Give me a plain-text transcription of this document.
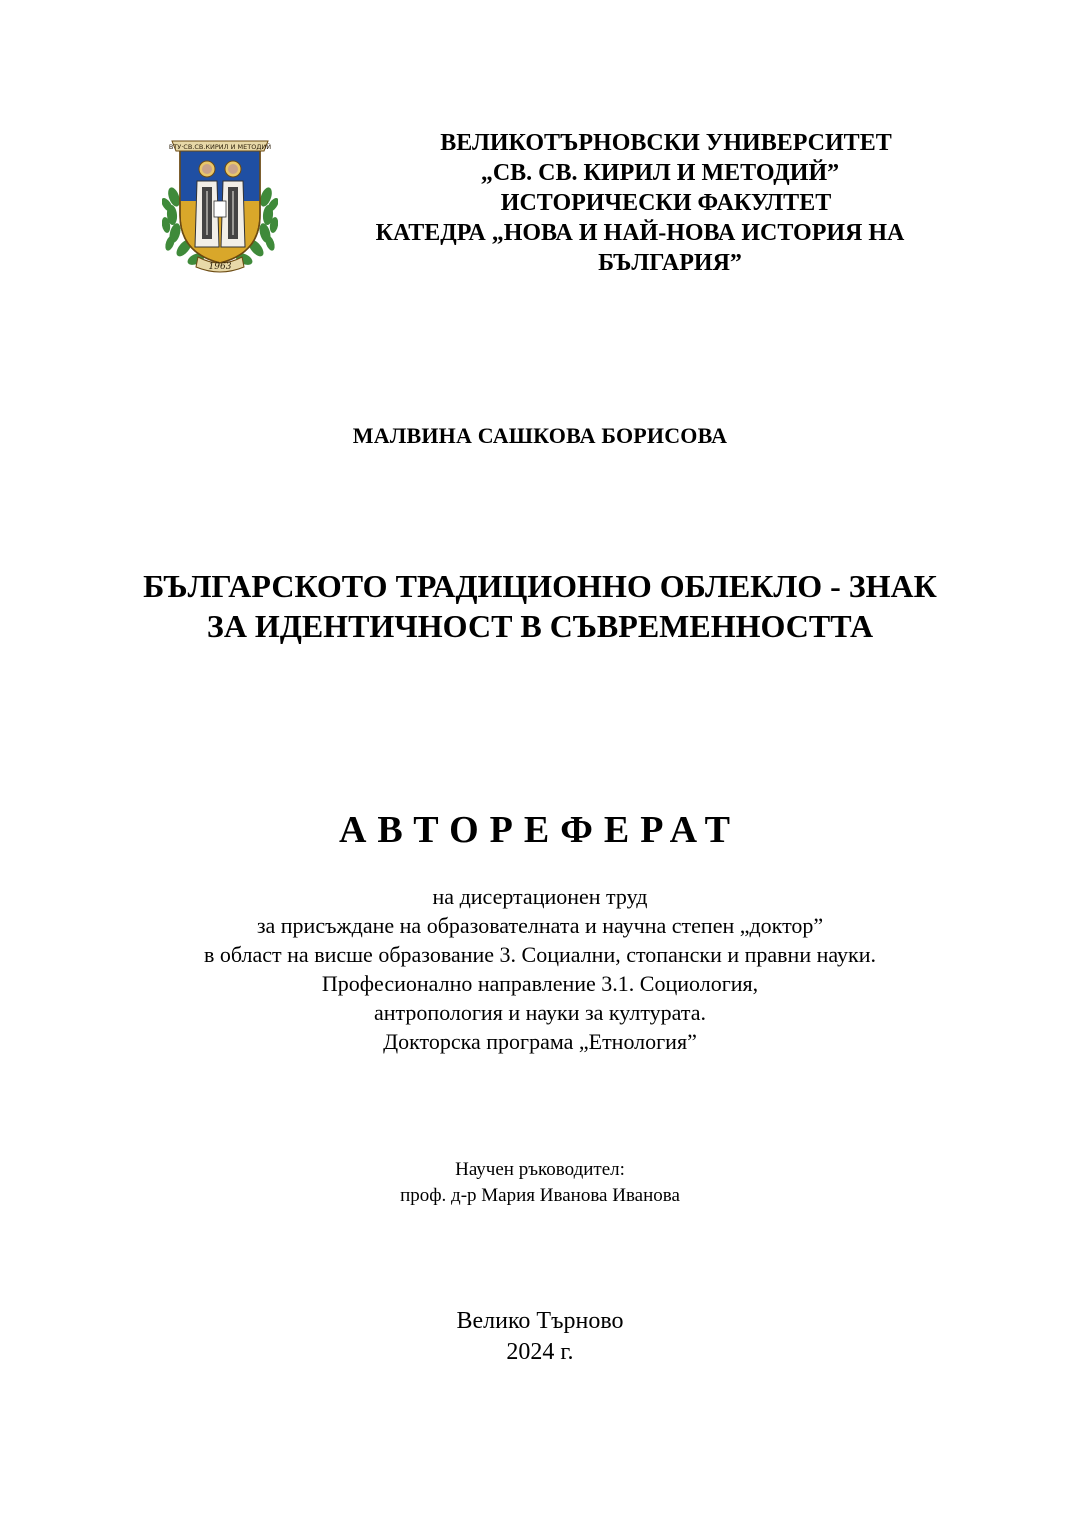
ВТУ·СВ.СВ.КИРИЛ И МЕТОДИЙ
1963
ВЕЛИКОТЪРНОВСКИ УНИВЕРСИТЕТ
„СВ. СВ. КИРИЛ И МЕТОДИЙ”
ИСТОРИЧЕСКИ ФАКУЛТЕТ
КАТЕДРА „НОВА И НАЙ-НОВА ИСТОРИЯ НА
БЪЛГАРИЯ”
МАЛВИНА САШКОВА БОРИСОВА
БЪЛГАРСКОТО ТРАДИЦИОННО ОБЛЕКЛО - ЗНАК
ЗА ИДЕНТИЧНОСТ В СЪВРЕМЕННОСТТА
АВТОРЕФЕРАТ
на дисертационен труд
за присъждане на образователната и научна степен „доктор”
в област на висше образование 3. Социални, стопански и правни науки.
Професионално направление 3.1. Социология,
антропология и науки за културата.
Докторска програма „Етнология”
Научен ръководител:
проф. д-р Мария Иванова Иванова
Велико Търново
2024 г.
